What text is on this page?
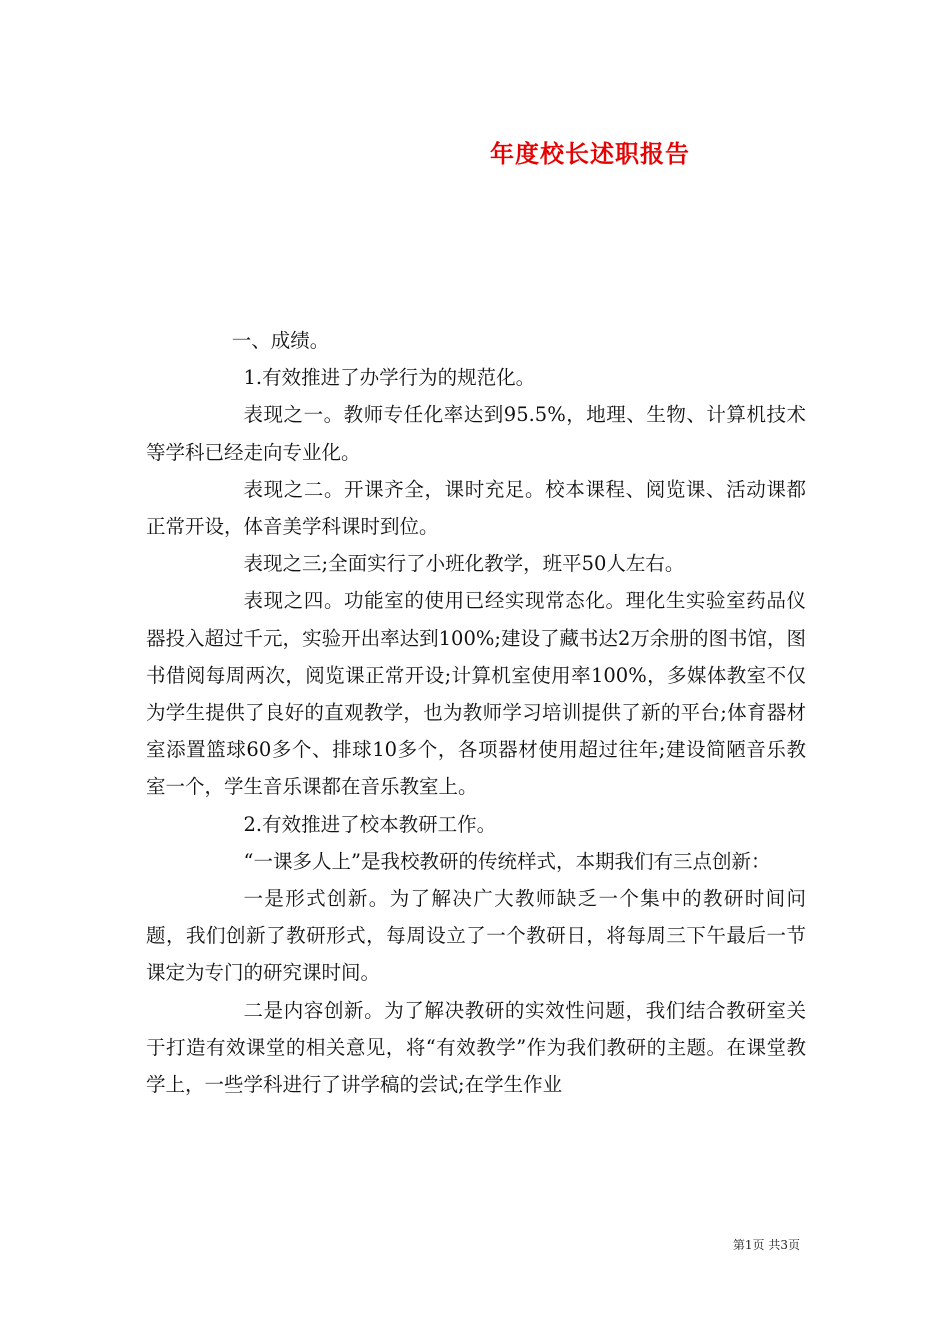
年度校长述职报告

一、成绩。

1.有效推进了办学行为的规范化。

表现之一。教师专任化率达到95.5%，地理、生物、计算机技术等学科已经走向专业化。

表现之二。开课齐全，课时充足。校本课程、阅览课、活动课都正常开设，体音美学科课时到位。

表现之三;全面实行了小班化教学，班平50人左右。

表现之四。功能室的使用已经实现常态化。理化生实验室药品仪器投入超过千元，实验开出率达到100%;建设了藏书达2万余册的图书馆，图书借阅每周两次，阅览课正常开设;计算机室使用率100%，多媒体教室不仅为学生提供了良好的直观教学，也为教师学习培训提供了新的平台;体育器材室添置篮球60多个、排球10多个，各项器材使用超过往年;建设简陋音乐教室一个，学生音乐课都在音乐教室上。

2.有效推进了校本教研工作。

“一课多人上”是我校教研的传统样式，本期我们有三点创新：

一是形式创新。为了解决广大教师缺乏一个集中的教研时间问题，我们创新了教研形式，每周设立了一个教研日，将每周三下午最后一节课定为专门的研究课时间。

二是内容创新。为了解决教研的实效性问题，我们结合教研室关于打造有效课堂的相关意见，将“有效教学”作为我们教研的主题。在课堂教学上，一些学科进行了讲学稿的尝试;在学生作业

第1页 共3页
